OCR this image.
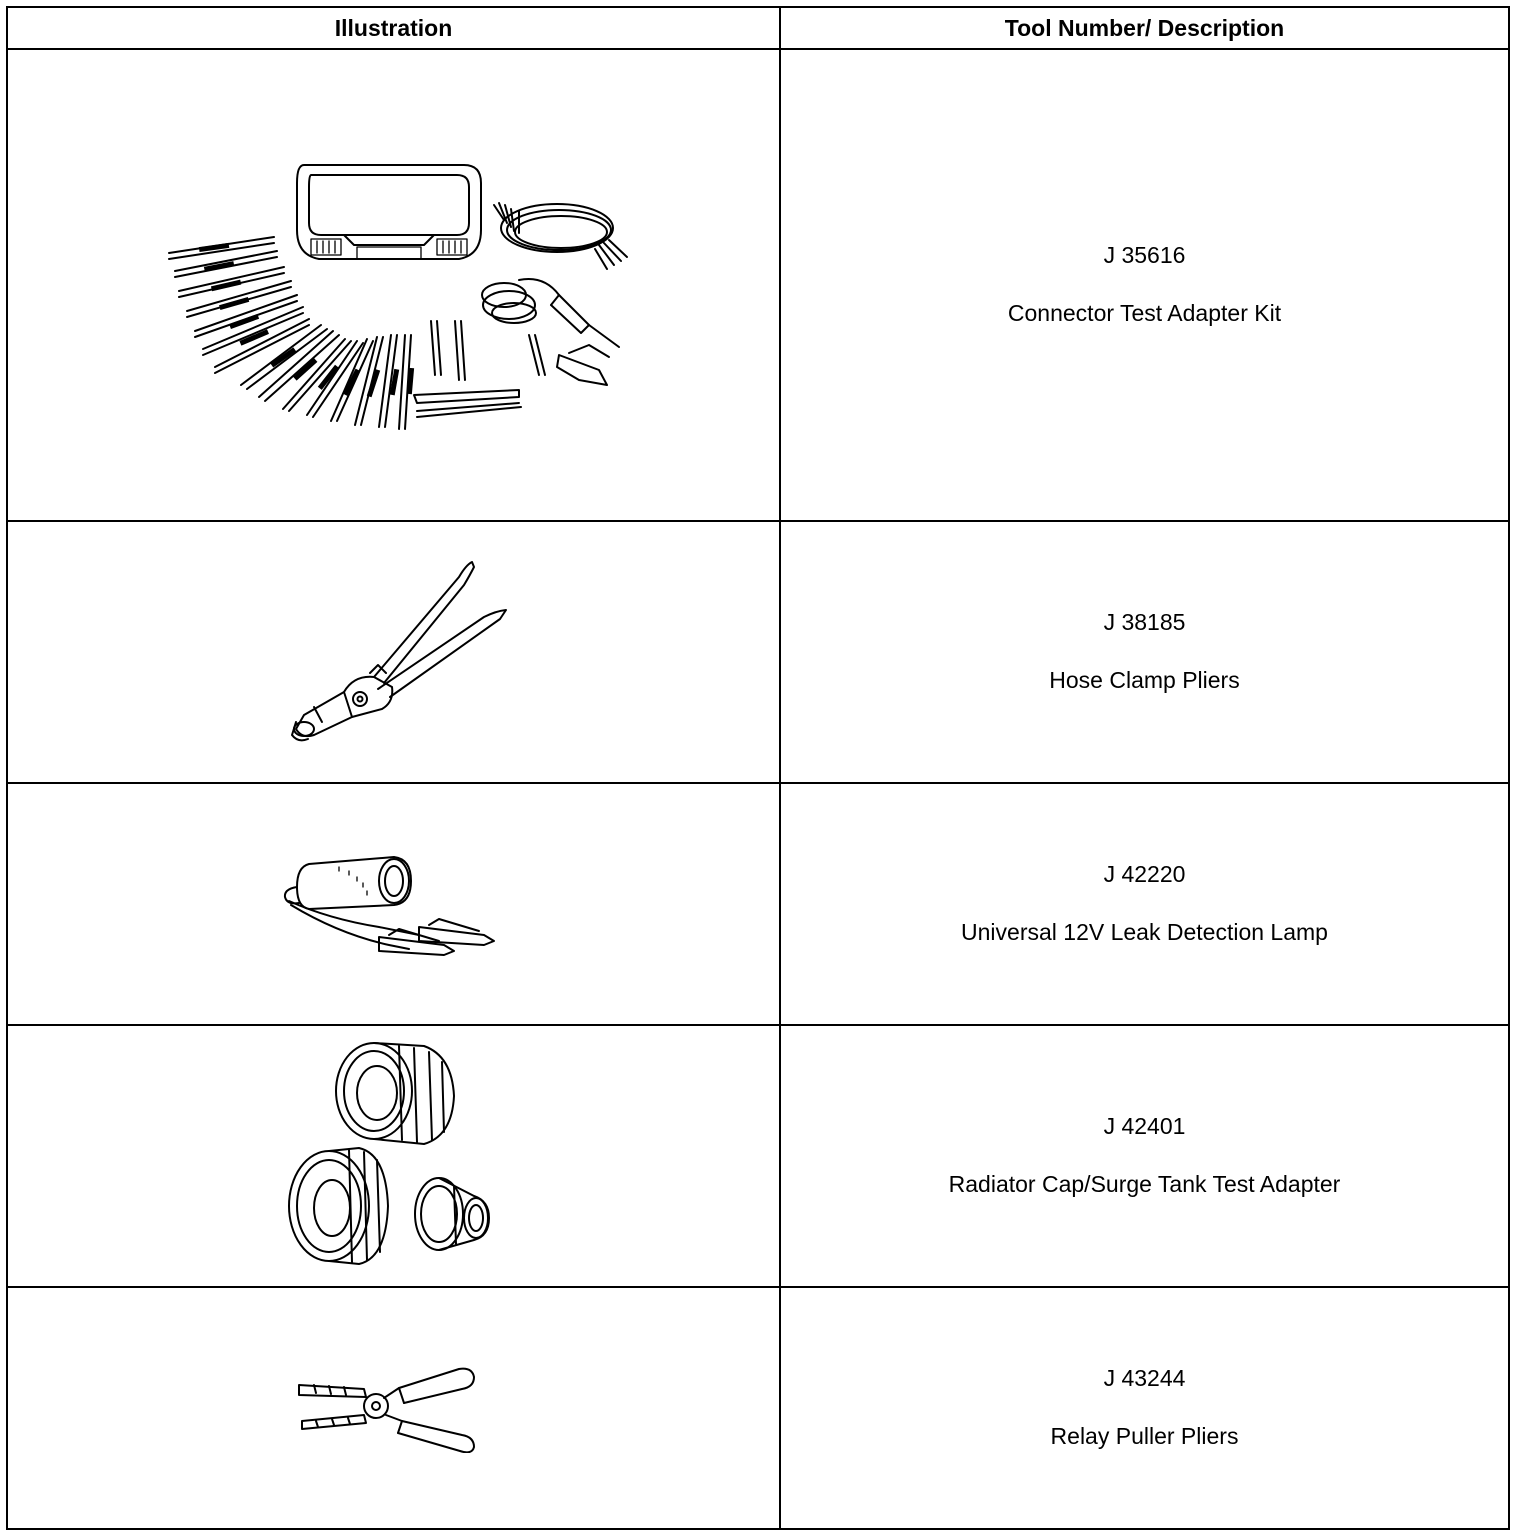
Illustration	Tool Number/ Description

J 35616
Connector Test Adapter Kit

J 38185
Hose Clamp Pliers

J 42220
Universal 12V Leak Detection Lamp

J 42401
Radiator Cap/Surge Tank Test Adapter

J 43244
Relay Puller Pliers
